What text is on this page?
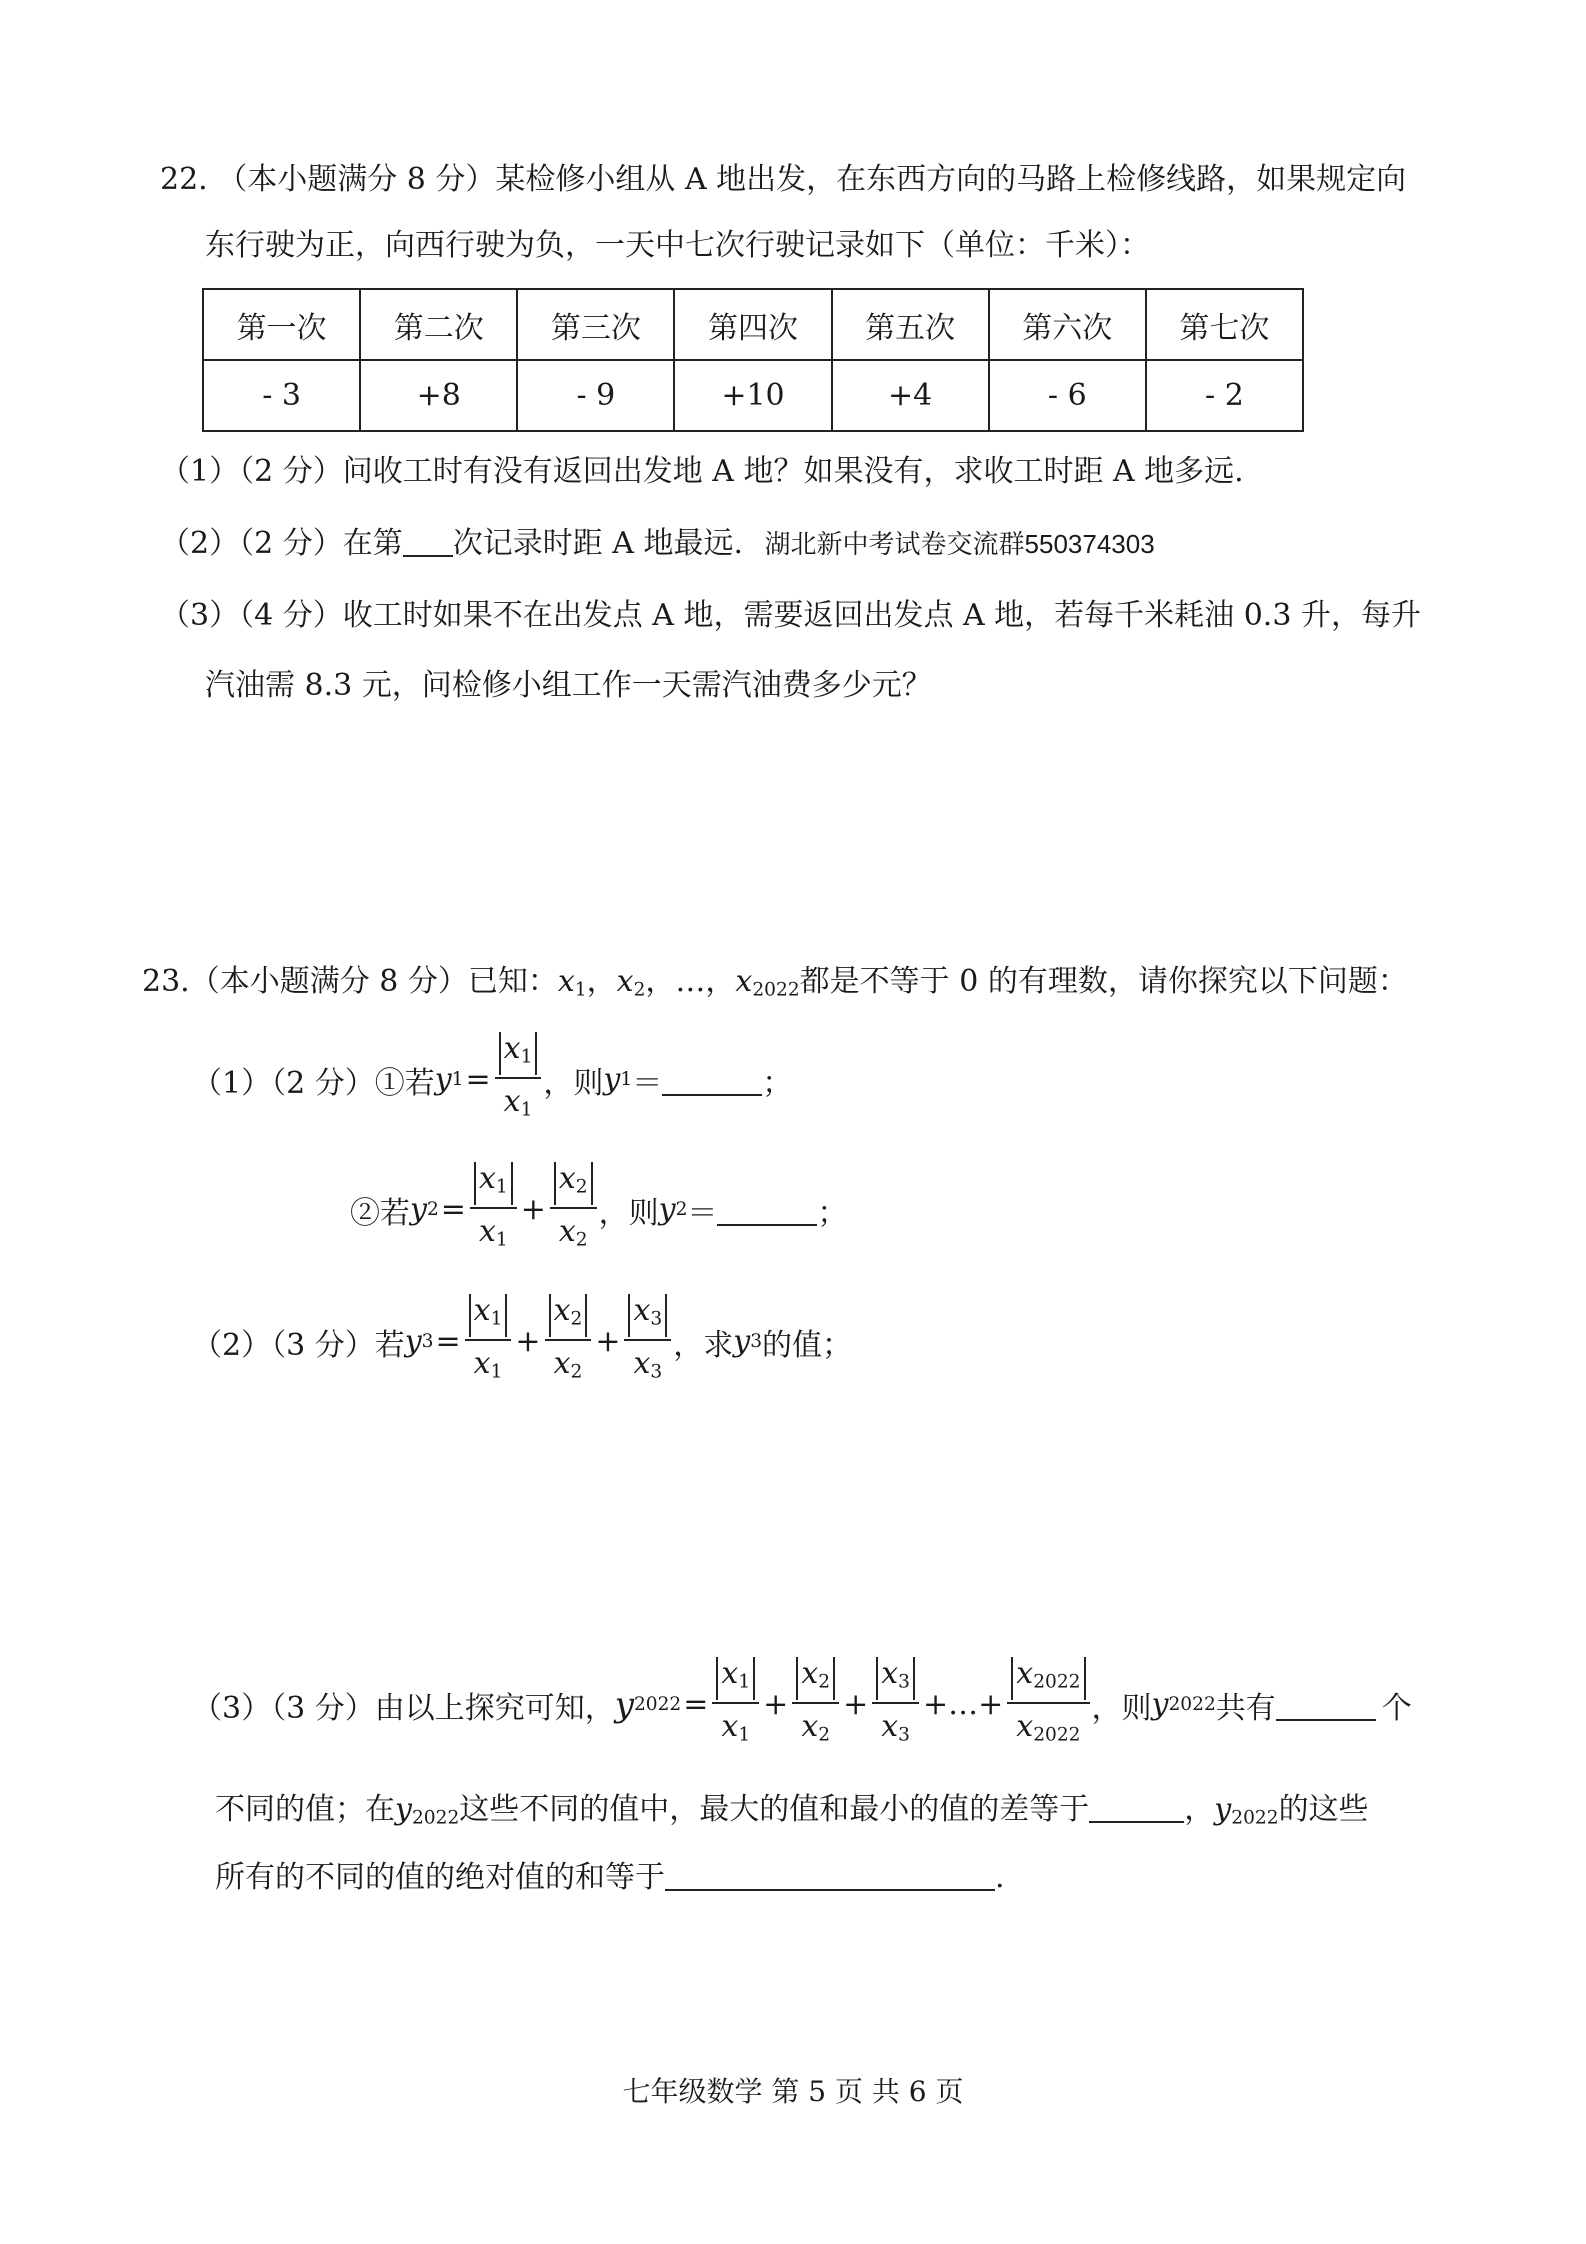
22. （本小题满分 8 分）某检修小组从 A 地出发，在东西方向的马路上检修线路，如果规定向
东行驶为正，向西行驶为负，一天中七次行驶记录如下（单位：千米）：
第一次	第二次	第三次	第四次	第五次	第六次	第七次
- 3	+8	- 9	+10	+4	- 6	- 2
（1）（2 分）问收工时有没有返回出发地 A 地？如果没有，求收工时距 A 地多远.
（2）（2 分）在第 次记录时距 A 地最远. 湖北新中考试卷交流群550374303
（3）（4 分）收工时如果不在出发点 A 地，需要返回出发点 A 地，若每千米耗油 0.3 升，每升
汽油需 8.3 元，问检修小组工作一天需汽油费多少元？
23.（本小题满分 8 分）已知：$x_1$，$x_2$，…，$x_{2022}$都是不等于 0 的有理数，请你探究以下问题：
（1）（2 分）①若 y $1 = \frac{x_1}{x_1}$ ，则 y 1 ＝	；
②若 y $2 = \frac{x_1}{x_1} + \frac{x_2}{x_2}$ ，则 y 2 ＝	；
（2）（3 分）若 y $3 = \frac{x_1}{x_1} + \frac{x_2}{x_2} + \frac{x_3}{x_3}$ ，求 y 3 的值；
（3）（3 分）由以上探究可知， y $2022 = \frac{x_1}{x_1} + \frac{x_2}{x_2} + \frac{x_3}{x_3}$ +…+ $\frac{x_{2022}}{x_{2022}}$ ，则 y 2022 共有	个
不同的值；在$y_{2022}$这些不同的值中，最大的值和最小的值的差等于	，$y_{2022}$的这些
所有的不同的值的绝对值的和等于	.
七年级数学 第 5 页 共 6 页
